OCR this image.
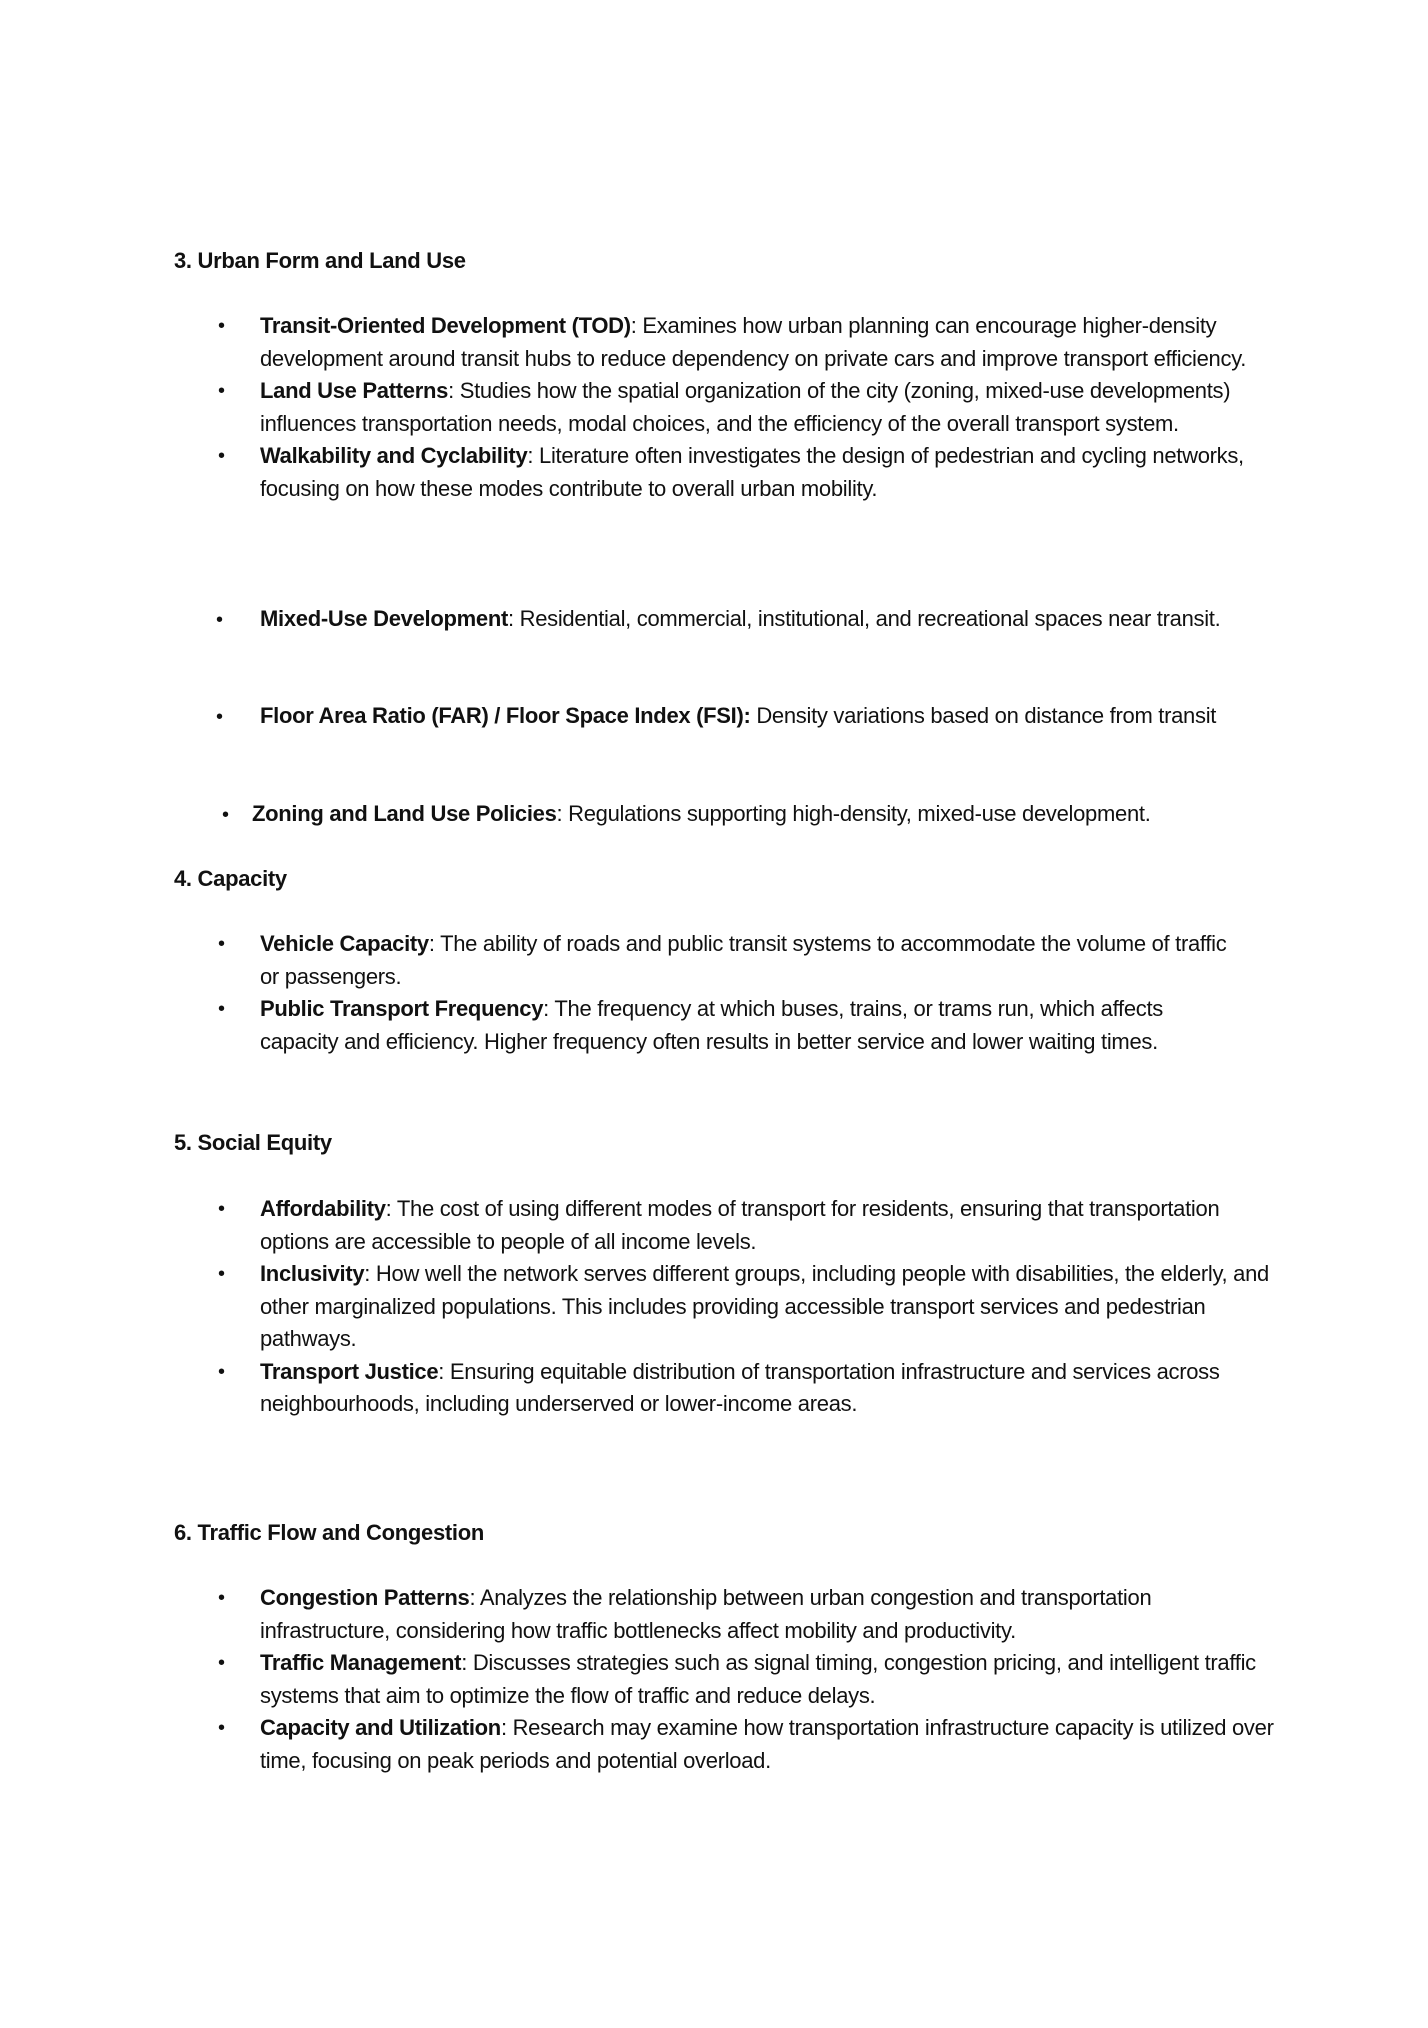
3. Urban Form and Land Use
• Transit-Oriented Development (TOD): Examines how urban planning can encourage higher-density development around transit hubs to reduce dependency on private cars and improve transport efficiency.
• Land Use Patterns: Studies how the spatial organization of the city (zoning, mixed-use developments) influences transportation needs, modal choices, and the efficiency of the overall transport system.
• Walkability and Cyclability: Literature often investigates the design of pedestrian and cycling networks, focusing on how these modes contribute to overall urban mobility.
• Mixed-Use Development: Residential, commercial, institutional, and recreational spaces near transit.
• Floor Area Ratio (FAR) / Floor Space Index (FSI): Density variations based on distance from transit
• Zoning and Land Use Policies: Regulations supporting high-density, mixed-use development.
4. Capacity
• Vehicle Capacity: The ability of roads and public transit systems to accommodate the volume of traffic or passengers.
• Public Transport Frequency: The frequency at which buses, trains, or trams run, which affects capacity and efficiency. Higher frequency often results in better service and lower waiting times.
5. Social Equity
• Affordability: The cost of using different modes of transport for residents, ensuring that transportation options are accessible to people of all income levels.
• Inclusivity: How well the network serves different groups, including people with disabilities, the elderly, and other marginalized populations. This includes providing accessible transport services and pedestrian pathways.
• Transport Justice: Ensuring equitable distribution of transportation infrastructure and services across neighbourhoods, including underserved or lower-income areas.
6. Traffic Flow and Congestion
• Congestion Patterns: Analyzes the relationship between urban congestion and transportation infrastructure, considering how traffic bottlenecks affect mobility and productivity.
• Traffic Management: Discusses strategies such as signal timing, congestion pricing, and intelligent traffic systems that aim to optimize the flow of traffic and reduce delays.
• Capacity and Utilization: Research may examine how transportation infrastructure capacity is utilized over time, focusing on peak periods and potential overload.
